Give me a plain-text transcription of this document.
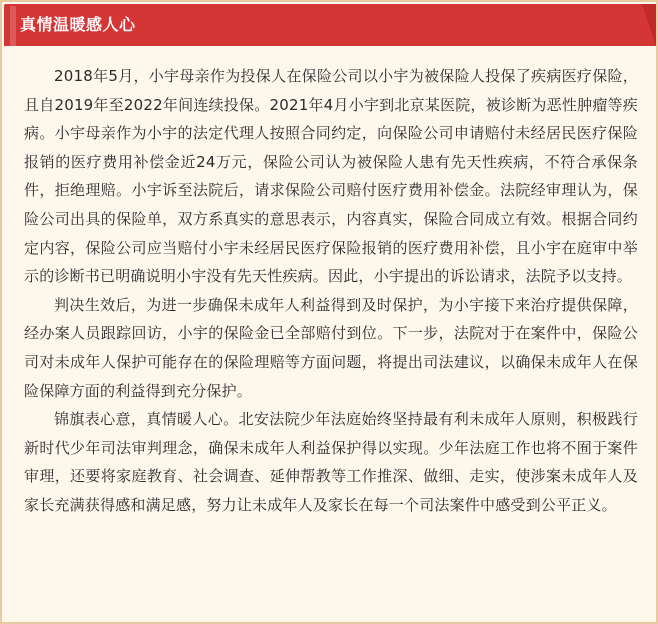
真情温暖感人心

2018年5月，小宇母亲作为投保人在保险公司以小宇为被保险人投保了疾病医疗保险，且自2019年至2022年间连续投保。2021年4月小宇到北京某医院，被诊断为恶性肿瘤等疾病。小宇母亲作为小宇的法定代理人按照合同约定，向保险公司申请赔付未经居民医疗保险报销的医疗费用补偿金近24万元，保险公司认为被保险人患有先天性疾病，不符合承保条件，拒绝理赔。小宇诉至法院后，请求保险公司赔付医疗费用补偿金。法院经审理认为，保险公司出具的保险单，双方系真实的意思表示，内容真实，保险合同成立有效。根据合同约定内容，保险公司应当赔付小宇未经居民医疗保险报销的医疗费用补偿，且小宇在庭审中举示的诊断书已明确说明小宇没有先天性疾病。因此，小宇提出的诉讼请求，法院予以支持。

判决生效后，为进一步确保未成年人利益得到及时保护，为小宇接下来治疗提供保障，经办案人员跟踪回访，小宇的保险金已全部赔付到位。下一步，法院对于在案件中，保险公司对未成年人保护可能存在的保险理赔等方面问题，将提出司法建议，以确保未成年人在保险保障方面的利益得到充分保护。

锦旗表心意，真情暖人心。北安法院少年法庭始终坚持最有利未成年人原则，积极践行新时代少年司法审判理念，确保未成年人利益保护得以实现。少年法庭工作也将不囿于案件审理，还要将家庭教育、社会调查、延伸帮教等工作推深、做细、走实，使涉案未成年人及家长充满获得感和满足感，努力让未成年人及家长在每一个司法案件中感受到公平正义。
